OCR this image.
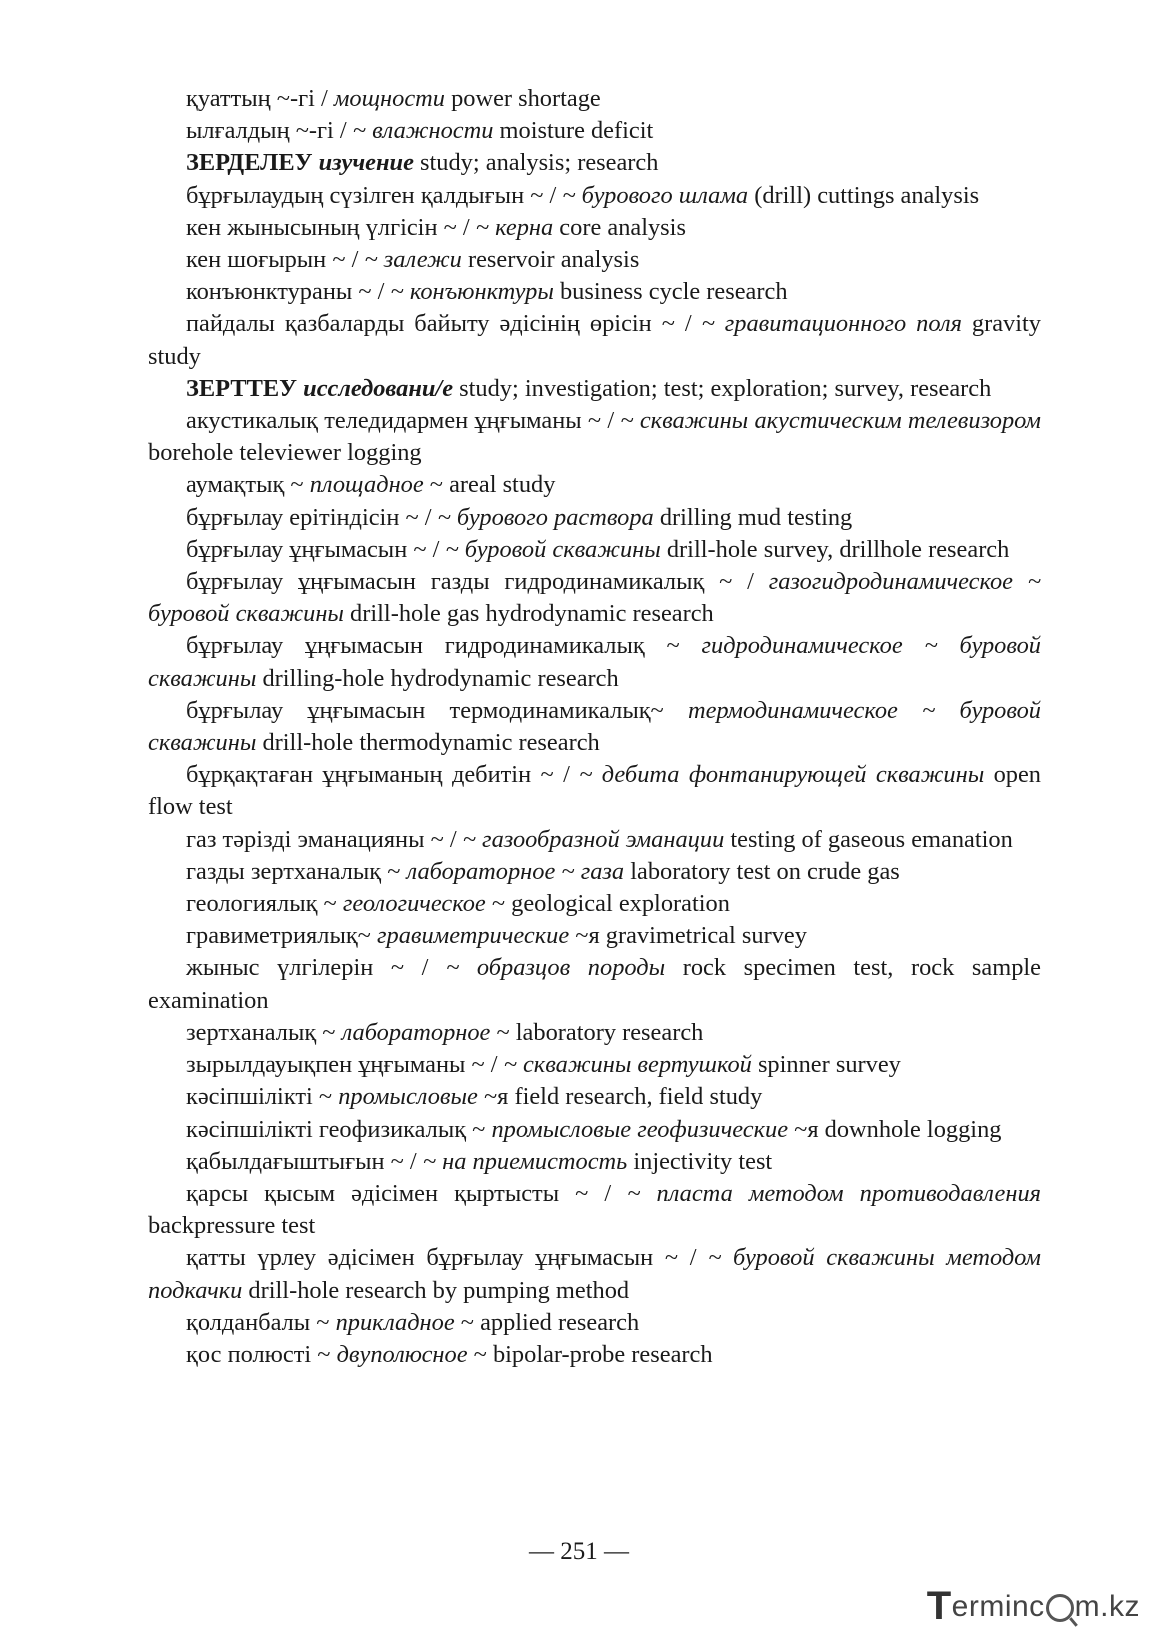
қуаттың ~-гі / мощности power shortage

ылғалдың ~-гі / ~ влажности moisture deficit

ЗЕРДЕЛЕУ изучение study; analysis; research

бұрғылаудың сүзілген қалдығын ~ / ~ бурового шлама (drill) cuttings analysis

кен жынысының үлгісін ~ / ~ керна core analysis

кен шоғырын ~ / ~ залежи reservoir analysis

конъюнктураны ~ / ~ конъюнктуры business cycle research

пайдалы қазбаларды байыту әдісінің өрісін ~ / ~ гравитационного поля gravity study

ЗЕРТТЕУ исследовани/е study; investigation; test; exploration; survey, research

акустикалық теледидармен ұңғыманы ~ / ~ скважины акустическим телевизором borehole televiewer logging

аумақтық ~ площадное ~ areal study

бұрғылау ерітіндісін ~ / ~ бурового раствора drilling mud testing

бұрғылау ұңғымасын ~ / ~ буровой скважины drill-hole survey, drillhole research

бұрғылау ұңғымасын газды гидродинамикалық ~ / газогидродинамическое ~ буровой скважины drill-hole gas hydrodynamic research

бұрғылау ұңғымасын гидродинамикалық ~ гидродинамическое ~ буровой скважины drilling-hole hydrodynamic research

бұрғылау ұңғымасын термодинамикалық~ термодинамическое ~ буровой скважины drill-hole thermodynamic research

бұрқақтаған ұңғыманың дебитін ~ / ~ дебита фонтанирующей скважины open flow test

газ тәрізді эманацияны ~ / ~ газообразной эманации testing of gaseous emanation

газды зертханалық ~ лабораторное ~ газа laboratory test on crude gas

геологиялық ~ геологическое ~ geological exploration

гравиметриялық~ гравиметрические ~я gravimetrical survey

жыныс үлгілерін ~ / ~ образцов породы rock specimen test, rock sample examination

зертханалық ~ лабораторное ~ laboratory research

зырылдауықпен ұңғыманы ~ / ~ скважины вертушкой spinner survey

кәсіпшілікті ~ промысловые ~я field research, field study

кәсіпшілікті геофизикалық ~ промысловые геофизические ~я downhole logging

қабылдағыштығын ~ / ~ на приемистость injectivity test

қарсы қысым әдісімен қыртысты ~ / ~ пласта методом противодавления backpressure test

қатты үрлеу әдісімен бұрғылау ұңғымасын ~ / ~ буровой скважины методом подкачки drill-hole research by pumping method

қолданбалы ~ прикладное ~ applied research

қос полюсті ~ двуполюсное ~ bipolar-probe research

— 251 —
T erminc m.kz
